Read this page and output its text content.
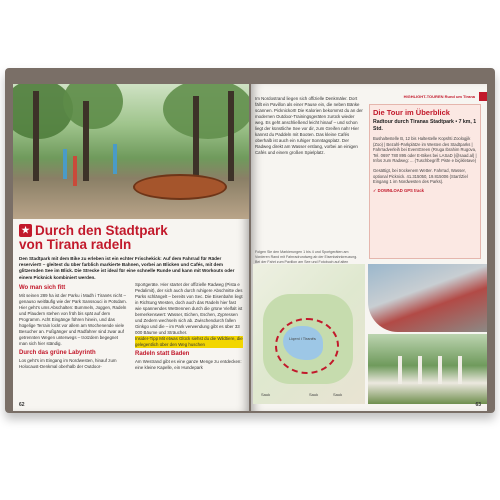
★ Durch den Stadtpark
von Tirana radeln
Den Stadtpark mit dem Bike zu erleben ist ein echter Frischekick: Auf dem Fahrrad für Räder reserviert! – gleitest du über farblich markierte Bahnen, vorbei an Blicken und Cafés, mit dem glitzernden See im Blick. Die Strecke ist ideal für eine schnelle Runde und kann mit Workouts oder einem Picknick kombiniert werden.
Wo man sich fitt
Mit seinen 289 ha ist der Parku i Madh i Tiranës nicht – genauso weitläufig wie der Park Sanssouci in Potsdam. Hier geht’s ums Abschalten: Bummeln, Joggen, Radeln und Plaudern stehen von früh bis spät auf dem Programm. Acht Eingänge führen hinein, und das hügelige Terrain lockt vor allem am Wochenende viele Besucher an. Fußgänger und Radfahrer sind zwar auf getrennten Wegen unterwegs – trotzdem begegnet man sich hier ständig.
Durch das grüne Labyrinth
Los geht’s im Eingang im Nordwesten, hinauf zum Holocaust-Denkmal oberhalb der Outdoor-
Sportgeräte. Hier startet der offizielle Radweg (Pista e Pedalimit), der sich auch durch ruhigere Abschnitte des Parks schlängelt – bereits von Sec. Die Eisenbahn liegt in Richtung Westen, doch auch das Radeln hier fast wie spannendes Wettrennen durch die grüne Vielfalt ist bemerkenswert: Wasser, Eichen, Eschen, Zypressen und Zedern wechseln sich ab. Zwischendurch fallen Ginkgo und die – im Park verwendung gibt es über 33 000 Bäume und Sträucher.
Insider-Tipp Mit etwas Glück siehst du die Wildtiere, die gelegentlich über den Weg huschen
Radeln statt Baden
Am Westrand gibt es eine ganze Menge zu entdecken: eine kleine Kapelle, ein Hundepark
62
HIGHLIGHT-TOUREN Rund um Tirana
Im Nordostrand liegen sich offizielle Denkmäler. Dort fällt ein Pavillon als einer Pause ein, die neben Bänke scannen. Picknickort! Die Kalorien bekommst du an der modernen Outdoor-Trainingsgeräten zurück wieder weg. Es geht anschließend leicht hinauf – und schon liegt der künstliche See vor dir, zum Greifen nah! Hier kannst du Paddeln mit Booten. Das kleine Cafés oberhalb ist auch ein ruhiger Sonntagsplatz. Der Radweg direkt am Wasser entlang, vorbei an einigen Cafés und einem großen Spielplatz.
Die Tour im Überblick
Radtour durch Tiranas Stadtpark • 7 km, 1 Std.
Bushaltestelle B, 12 bis Haltestelle Kopshti Zoologjik (Zoo) | Bezahl-Parkplätze im Westen des Stadtparks | Fahrradverleih bei EventGreen (Rruga Ibrahim Rugova, Tel. 0697 780 895 oder E-Bikes bei LASaD (@saad.al) | Infos zum Radweg: ... (Tuschbegriff: Piste e biçikletave)
Gesättigt, bei trockenem Wetter. Fahrrad, Wasser, optional Picknick. 41.315050, 19.815006 (Start/Ziel Eingang 1 im Nordwesten des Parks).
✓ DOWNLOAD GPS track
Folgen Sie den Markierungen 1 bis 4 und Sportgeräten am Vorderen Rand mit Fahrradrundweg ab der Eisenbahnkreuzung. Bei der Fahrt zum Pavillon am See und Fotobuch auf alten
Liqeni i Tiranës
Sauk	Sauk
Sauk
63
